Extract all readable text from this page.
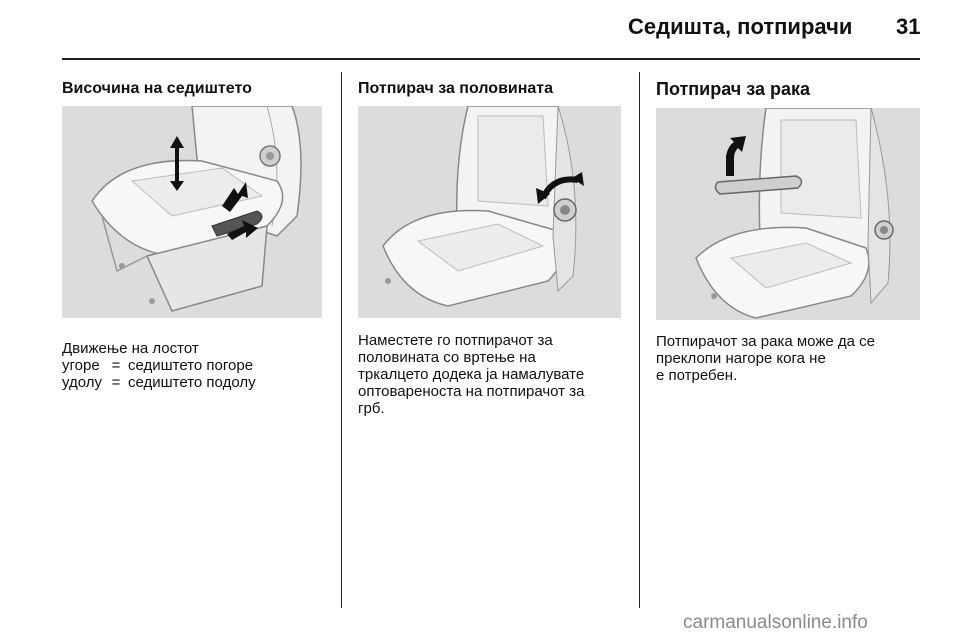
Седишта, потпирачи 31
Височина на седиштето
Движење на лостот
угоре = седиштето погоре
удолу = седиштето подолу
Потпирач за половината
Наместете го потпирачот за
половината со вртење на
тркалцето додека ја намалувате
оптовареноста на потпирачот за
грб.
Потпирач за рака
Потпирачот за рака може да се
преклопи нагоре кога не
е потребен.
carmanualsonline.info
